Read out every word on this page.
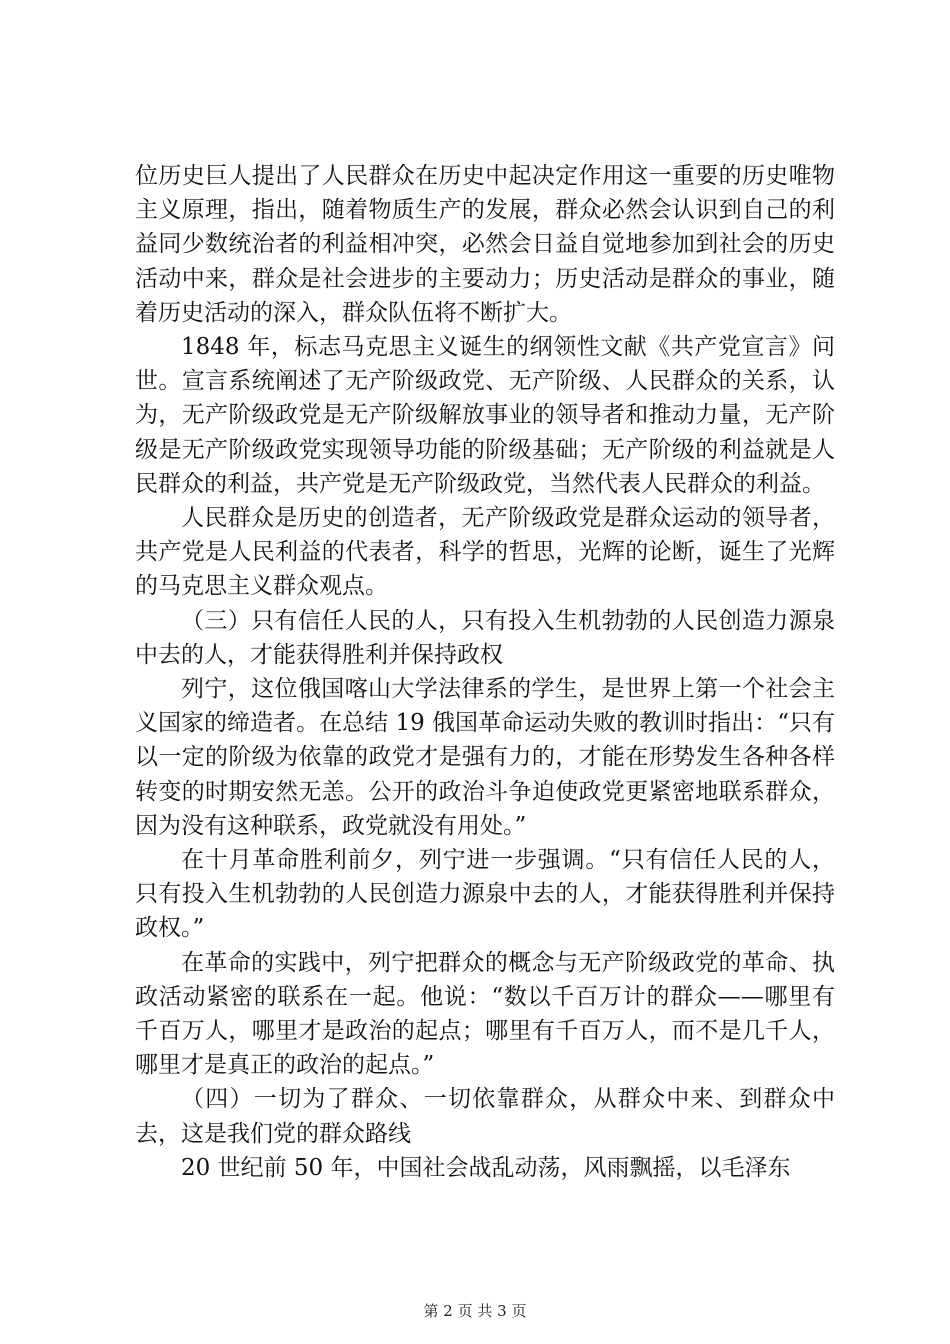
位历史巨人提出了人民群众在历史中起决定作用这一重要的历史唯物主义原理，指出，随着物质生产的发展，群众必然会认识到自己的利益同少数统治者的利益相冲突，必然会日益自觉地参加到社会的历史活动中来，群众是社会进步的主要动力；历史活动是群众的事业，随着历史活动的深入，群众队伍将不断扩大。

1848 年，标志马克思主义诞生的纲领性文献《共产党宣言》问世。宣言系统阐述了无产阶级政党、无产阶级、人民群众的关系，认为，无产阶级政党是无产阶级解放事业的领导者和推动力量，无产阶级是无产阶级政党实现领导功能的阶级基础；无产阶级的利益就是人民群众的利益，共产党是无产阶级政党，当然代表人民群众的利益。

人民群众是历史的创造者，无产阶级政党是群众运动的领导者，共产党是人民利益的代表者，科学的哲思，光辉的论断，诞生了光辉的马克思主义群众观点。

（三）只有信任人民的人，只有投入生机勃勃的人民创造力源泉中去的人，才能获得胜利并保持政权

列宁，这位俄国喀山大学法律系的学生，是世界上第一个社会主义国家的缔造者。在总结 19 俄国革命运动失败的教训时指出：“只有以一定的阶级为依靠的政党才是强有力的，才能在形势发生各种各样转变的时期安然无恙。公开的政治斗争迫使政党更紧密地联系群众，因为没有这种联系，政党就没有用处。”

在十月革命胜利前夕，列宁进一步强调。“只有信任人民的人，只有投入生机勃勃的人民创造力源泉中去的人，才能获得胜利并保持政权。”

在革命的实践中，列宁把群众的概念与无产阶级政党的革命、执政活动紧密的联系在一起。他说：“数以千百万计的群众——哪里有千百万人，哪里才是政治的起点；哪里有千百万人，而不是几千人，哪里才是真正的政治的起点。”

（四）一切为了群众、一切依靠群众，从群众中来、到群众中去，这是我们党的群众路线

20 世纪前 50 年，中国社会战乱动荡，风雨飘摇，以毛泽东

第 2 页 共 3 页
